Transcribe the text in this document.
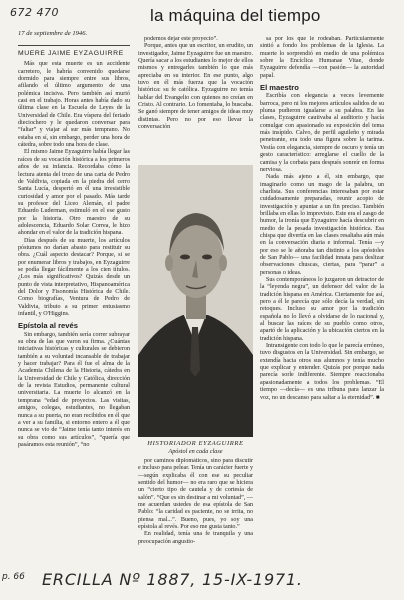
672 470	la máquina del tiempo
17 de septiembre de 1946.
MUERE JAIME EYZAGUIRRE

Más que esta muerte es un accidente carretero, le habría convenido quedarse dormido para siempre entre sus libros, afilando el último argumento de una polémica incisiva. Pero también así murió casi en el trabajo. Horas antes había dado su última clase en la Escuela de Leyes de la Universidad de Chile. Era víspera del feriado dieciochero y le quedaron conversar para “faltar” y viajar al sur más temprano. No estaba en sí, sin embargo, perder una hora de cátedra, sobre todo una hora de clase.

El mismo Jaime Eyzaguirre había llegar las raíces de su vocación histórica a los primeros años de su infancia. Recordaba cómo la lectura atenta del trozo de una carta de Pedro de Valdivia, copiada en la piedra del cerro Santa Lucía, despertó en él una irresistible curiosidad y amor por el pasado. Más tarde su profesor del Liceo Alemán, el padre Eduardo Luderman, estimuló en el ese gusto por la historia. Otro maestro de su adolescencia, Eduardo Solar Correa, le hizo ahondar en el valor de la tradición hispana.

Días después de su muerte, los artículos póstumos no darían abasto para restituir su obra. ¿Cuál aspecto destacar? Porque, si se por enumerar libros y trabajos, en Eyzaguirre se podía llegar fácilmente a los cien títulos. ¿Los más significativos? Quizás desde un punto de vista interpretativo, Hispanoamérica del Dolor y Fisonomía Histórica de Chile. Como biografías, Ventura de Pedro de Valdivia, tributo a su primer entusiasmo infantil, y O'Higgins.

Epístola al revés

Sin embargo, también sería correr subrayar su obra de las que varon su firma. ¿Cuántas iniciativas históricas y culturales se debieron también a su voluntad incansable de trabajar y hacer trabajar? Para él fue el alma de la Academia Chilena de la Historia, cátedra en la Universidad de Chile y Católica, dirección de la revista Estudios, permanente cultural universitaria. La muerte lo alcanzó en la temprana “edad de proyectos. Las visitas, amigos, colegas, estudiantes, no llegaban nunca a su puerta, no eran recibidos en él que a ver a su familia, si entorno entero a él que nunca se vio de “Jaime tenía tanto interés en su obra como sus artículos”, “quería que pasáramos esta reunión”, “no

podemos dejar este proyecto”.

Porque, antes que un escritor, un erudito, un investigador, Jaime Eyzaguirre fue un maestro. Quería sacar a los estudiantes lo mejor de ellos mismos y entregarles también lo que más apreciaba en su interior. En ese punto, algo tuvo en él más fuerza que la vocación histórica: su fe católica. Eyzaguirre no temía hablar del Evangelio con quienes no creían en Cristo. Al contrario. Lo fomentaba, lo buscaba. Se ganó siempre de tener amigos de ideas muy distintas. Pero no por eso llevar la conversación

HISTORIADOR EYZAGUIRRE
Apóstol en cada clase

por caminos diplomáticos, sino para discutir e incluso para pelear. Tenía un carácter fuerte y —según explicaba él con ese su peculiar sentido del humor— no era raro que se hiciera un “cierto tipo de cautela y de cortesía de salón”. “Que es sin destinar a mi voluntad”, —me acuerdan ustedes de esa epístola de San Pablo: “la caridad es paciente, no se irrita, no piensa mal...”. Bueno, pues, yo soy una epístola al revés. Por eso me gusta tanto.”

En realidad, tenía una fe tranquila y una preocupación angustio-

sa por los que le rodeaban. Particularmente sintió a fondo los problemas de la Iglesia. La muerte lo sorprendió en medio de una polémica sobre la Encíclica Humanae Vitae, donde Eyzaguirre defendía —con pasión— la autoridad papal.

El maestro

Escribía con elegancia a veces levemente barroca, pero ni los mejores artículos salidos de su pluma pudieron igualarse a su palabra. En las clases, Eyzaguirre cautivaba al auditorio y hacía comulgar con apasionado su exposición del tema más insípido. Calvo, de perfil aguileño y mirada penetrante, era todo una figura sobre la tarima. Vestía con elegancia, siempre de oscuro y tenía un gesto característico: arreglarse el cuello de la camisa y la corbata para después sonreír en forma nerviosa.

Nada más ajeno a él, sin embargo, que imaginarlo como un mago de la palabra, un charlista. Sus conferencias interesaban por estar cuidadosamente preparadas, reunir acopio de investigación y apuntar a un fin preciso. También brillaba en ellas lo imprevisto. Este era el zasgo de humor, la ironía que Eyzaguirre hacía descubrir en medio de la pesada investigación histórica. Esa chispa que divertía en las clases resaltaba aún más en la conversación diaria e informal. Tenía —y por eso se le añoraba tan distinto a los apóstoles de San Pablo— una facilidad innata para deslizar observaciones chuscas, ciertas, para “parar” a personas o ideas.

Sus contemporáneos lo juzgaron un detractor de la “leyenda negra”, un defensor del valor de la tradición hispana en América. Ciertamente fue así, pero a él le parecía que sólo decía la verdad, sin retoques. Incluso su amor por la tradición española no lo llevó a olvidarse de lo nacional y, al buscar las raíces de su pueblo como otros, apartó de la aplicación y la ubicación ciertos en la tradición hispana.

Intransigente con todo lo que le parecía erróneo, tuvo disgustos en la Universidad. Sin embargo, se extendía hacia otros sus alumnos y tenía mucho que explicar y entender. Quizás por porque nada parecía sorle indiferente. Siempre reaccionaba apasionadamente a todos los problemas. “El tiempo —decía— es una tribuna para lanzar la voz, no un descanso para saltar a la eternidad”. ■

p. 66 ERCILLA Nº 1887, 15-IX-1971.
